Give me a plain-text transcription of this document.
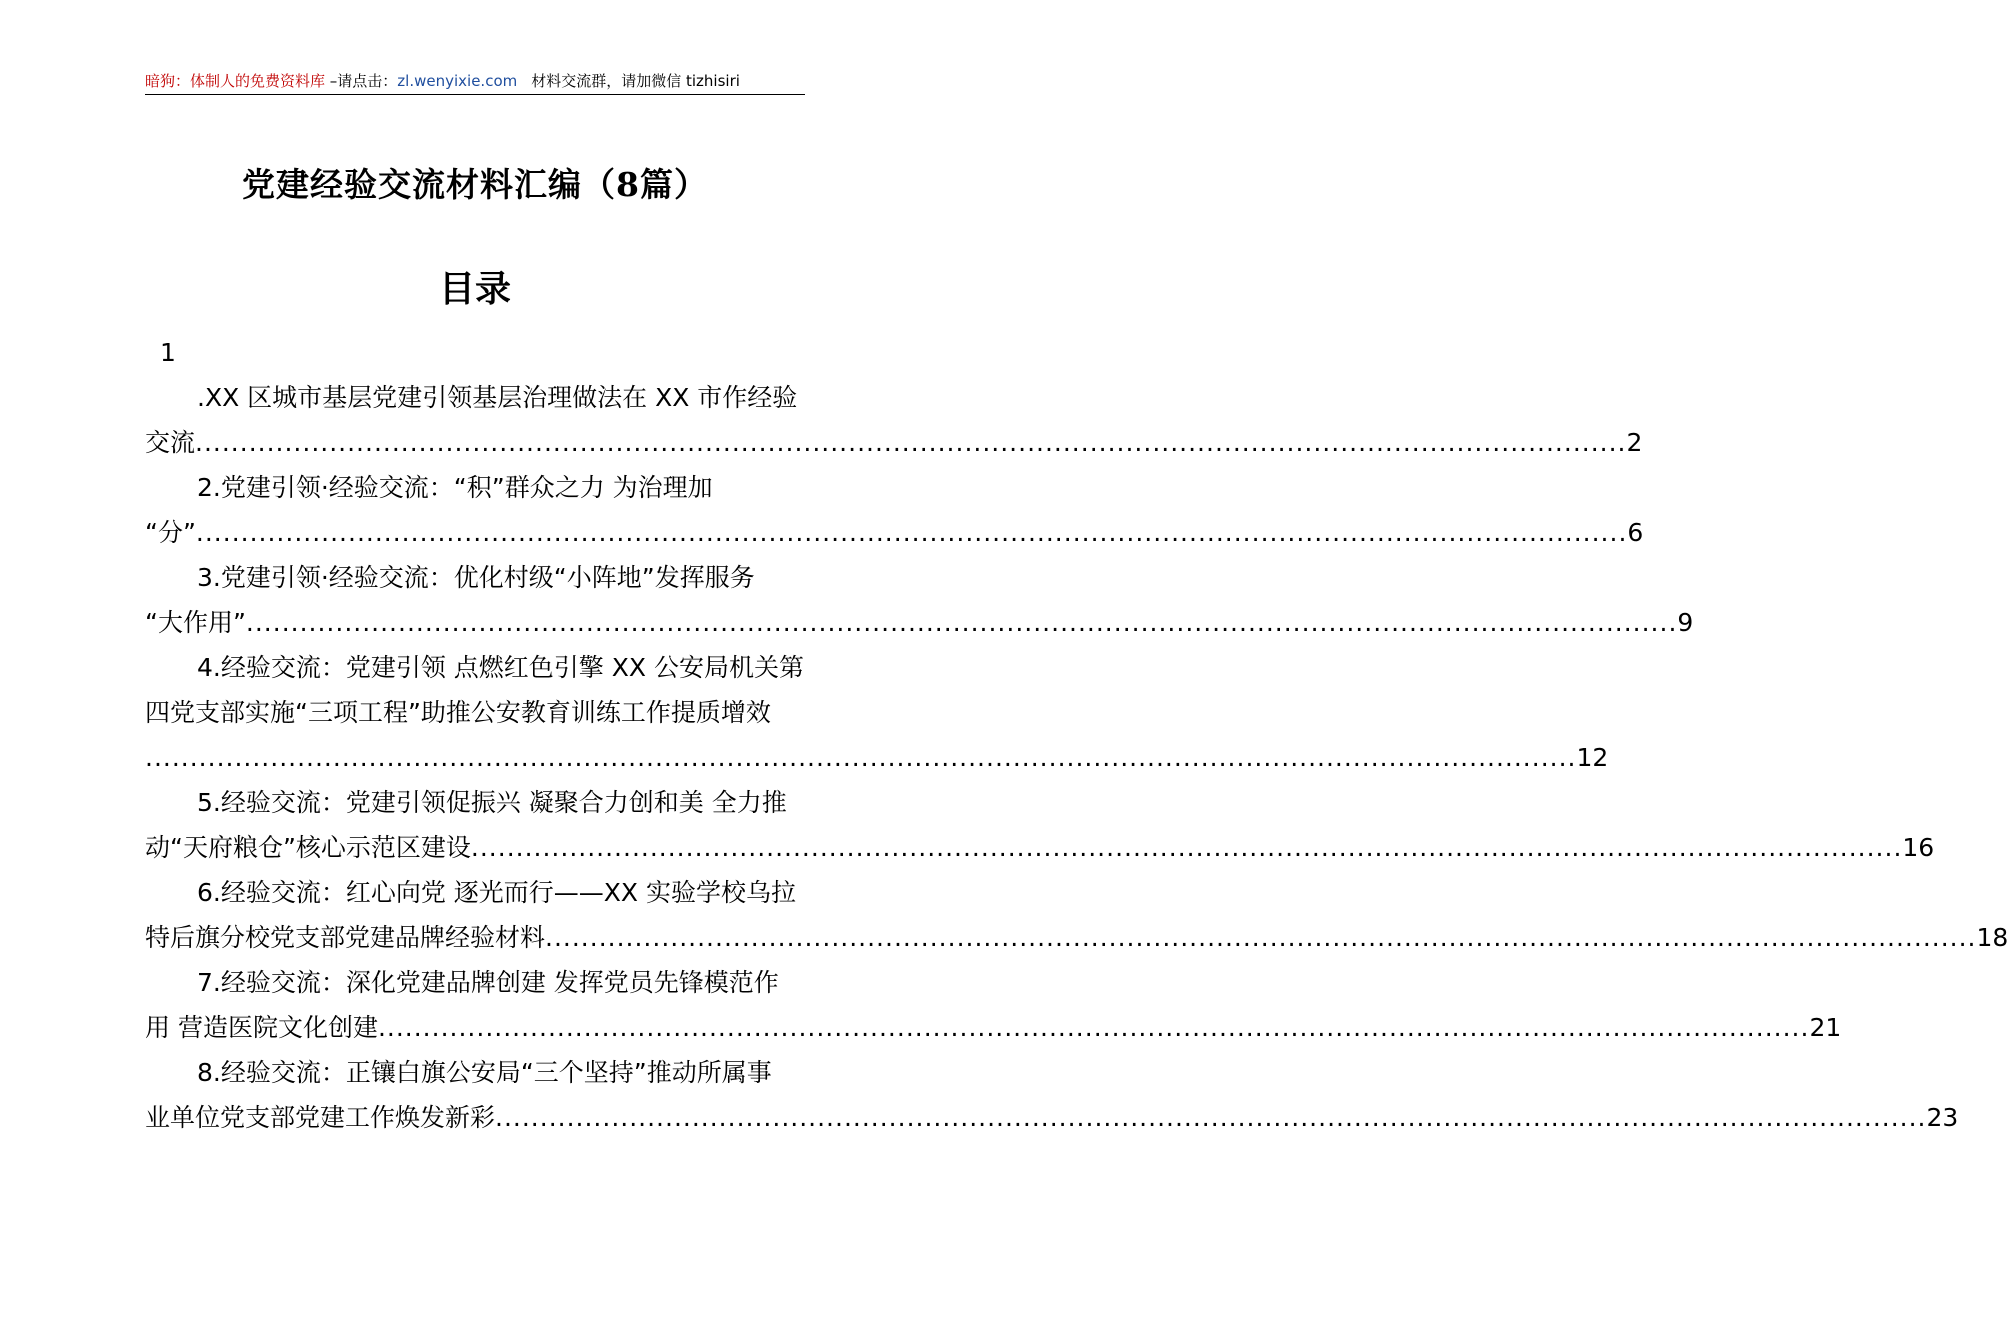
暗狗：体制人的免费资料库 –请点击：zl.wenyixie.com 材料交流群，请加微信 tizhisiri
党建经验交流材料汇编（8篇）
目录
1
.XX 区城市基层党建引领基层治理做法在 XX 市作经验
交流 ................................................................................................................................................................ 2
2.党建引领·经验交流：“积”群众之力 为治理加
“分” ................................................................................................................................................................ 6
3.党建引领·经验交流：优化村级“小阵地”发挥服务
“大作用” ................................................................................................................................................................ 9
4.经验交流：党建引领 点燃红色引擎 XX 公安局机关第
四党支部实施“三项工程”助推公安教育训练工作提质增效
................................................................................................................................................................ 12
5.经验交流：党建引领促振兴 凝聚合力创和美 全力推
动“天府粮仓”核心示范区建设 ................................................................................................................................................................ 16
6.经验交流：红心向党 逐光而行——XX 实验学校乌拉
特后旗分校党支部党建品牌经验材料 ................................................................................................................................................................ 18
7.经验交流：深化党建品牌创建 发挥党员先锋模范作
用 营造医院文化创建 ................................................................................................................................................................ 21
8.经验交流：正镶白旗公安局“三个坚持”推动所属事
业单位党支部党建工作焕发新彩 ................................................................................................................................................................ 23
